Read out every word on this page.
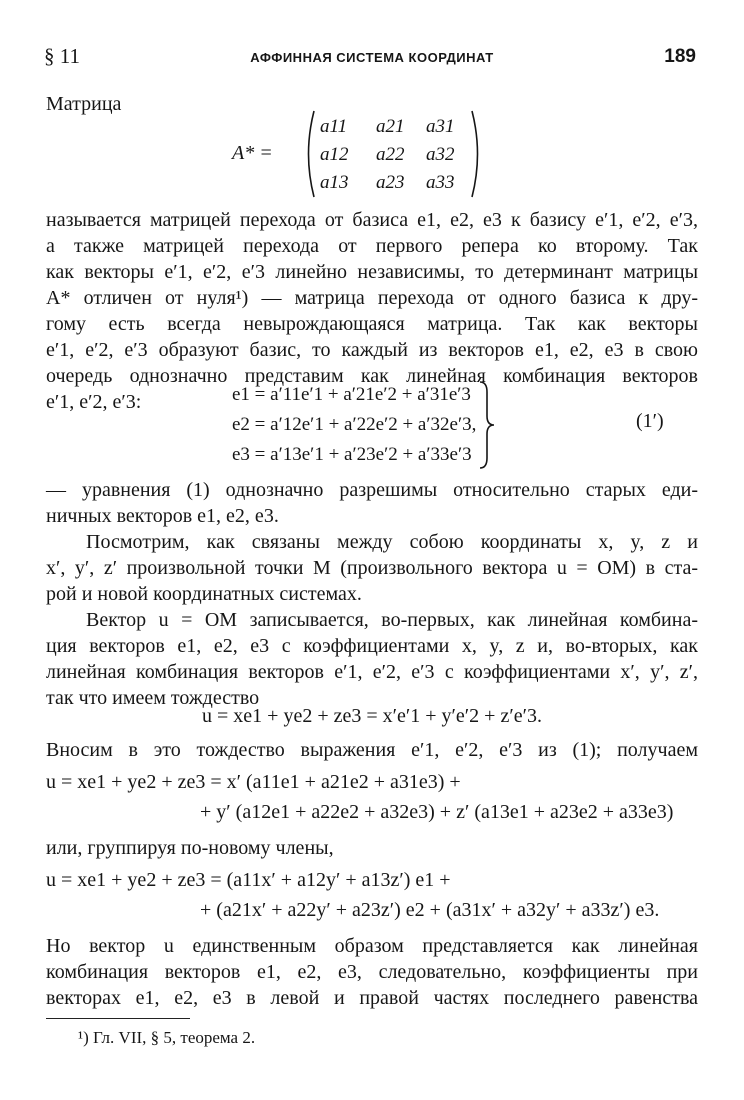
§ 11	АФФИННАЯ СИСТЕМА КООРДИНАТ	189
Матрица
A* =
a11 a21 a31
a12 a22 a32
a13 a23 a33
называется матрицей перехода от базиса e1, e2, e3 к базису e′1, e′2, e′3,
а также матрицей перехода от первого репера ко второму. Так
как векторы e′1, e′2, e′3 линейно независимы, то детерминант матрицы
A* отличен от нуля¹) — матрица перехода от одного базиса к дру-
гому есть всегда невырождающаяся матрица. Так как векторы
e′1, e′2, e′3 образуют базис, то каждый из векторов e1, e2, e3 в свою
очередь однозначно представим как линейная комбинация векторов
e′1, e′2, e′3:	e1 = a′11e′1 + a′21e′2 + a′31e′3
e2 = a′12e′1 + a′22e′2 + a′32e′3,
e3 = a′13e′1 + a′23e′2 + a′33e′3
(1′)
— уравнения (1) однозначно разрешимы относительно старых еди-
ничных векторов e1, e2, e3.
Посмотрим, как связаны между собою координаты x, y, z и
x′, y′, z′ произвольной точки M (произвольного вектора u = OM) в ста-
рой и новой координатных системах.
Вектор u = OM записывается, во-первых, как линейная комбина-
ция векторов e1, e2, e3 с коэффициентами x, y, z и, во-вторых, как
линейная комбинация векторов e′1, e′2, e′3 с коэффициентами x′, y′, z′,
так что имеем тождество
u = xe1 + ye2 + ze3 = x′e′1 + y′e′2 + z′e′3.
Вносим в это тождество выражения e′1, e′2, e′3 из (1); получаем
u = xe1 + ye2 + ze3 = x′ (a11e1 + a21e2 + a31e3) +
+ y′ (a12e1 + a22e2 + a32e3) + z′ (a13e1 + a23e2 + a33e3)
или, группируя по-новому члены,
u = xe1 + ye2 + ze3 = (a11x′ + a12y′ + a13z′) e1 +
+ (a21x′ + a22y′ + a23z′) e2 + (a31x′ + a32y′ + a33z′) e3.
Но вектор u единственным образом представляется как линейная
комбинация векторов e1, e2, e3, следовательно, коэффициенты при
векторах e1, e2, e3 в левой и правой частях последнего равенства
¹) Гл. VII, § 5, теорема 2.
